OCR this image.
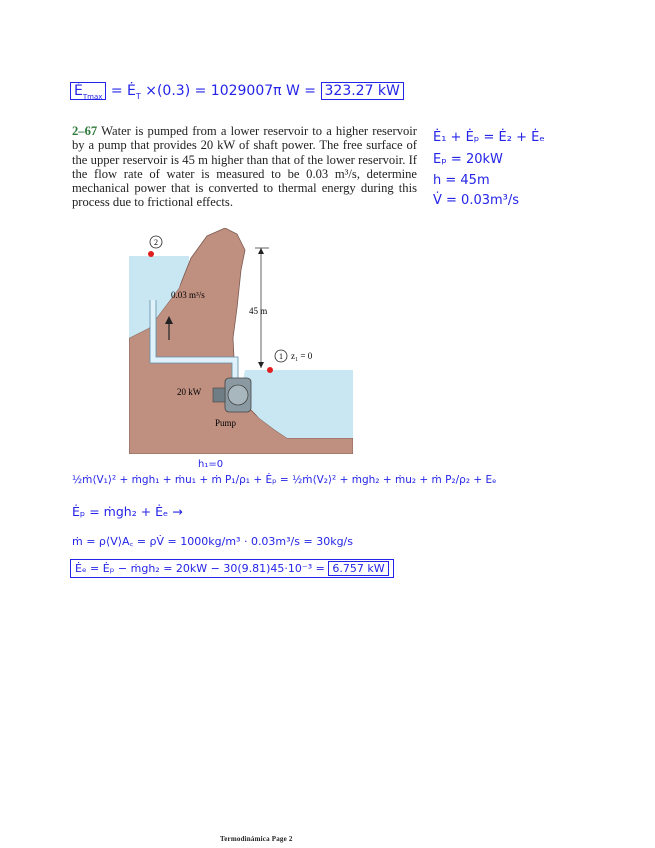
$Ė_{Tmax}$ = $Ė_T \times(0.3) = 1029007\pi$ W = 323.27 kW
2–67 Water is pumped from a lower reservoir to a higher reservoir by a pump that provides 20 kW of shaft power. The free surface of the upper reservoir is 45 m higher than that of the lower reservoir. If the flow rate of water is measured to be 0.03 m³/s, determine mechanical power that is converted to thermal energy during this process due to frictional effects.
Ė₁ + Ėₚ = Ė₂ + Ėₑ
Eₚ = 20kW
h = 45m
V̇ = 0.03m³/s
2
1
0.03 m³/s
45 m
z₁ = 0
20 kW
Pump
h₁=0
½ṁ⟨V₁⟩² + ṁgh₁ + ṁu₁ + ṁ P₁/ρ₁ + Ėₚ = ½ṁ⟨V₂⟩² + ṁgh₂ + ṁu₂ + ṁ P₂/ρ₂ + Eₑ
Ėₚ = ṁgh₂ + Ėₑ →
ṁ = ρ⟨V⟩A꜀ = ρV̇ = 1000kg/m³ · 0.03m³/s = 30kg/s
Ėₑ = Ėₚ − ṁgh₂ = 20kW − 30(9.81)45·10⁻³ = 6.757 kW
Termodinámica Page 2
